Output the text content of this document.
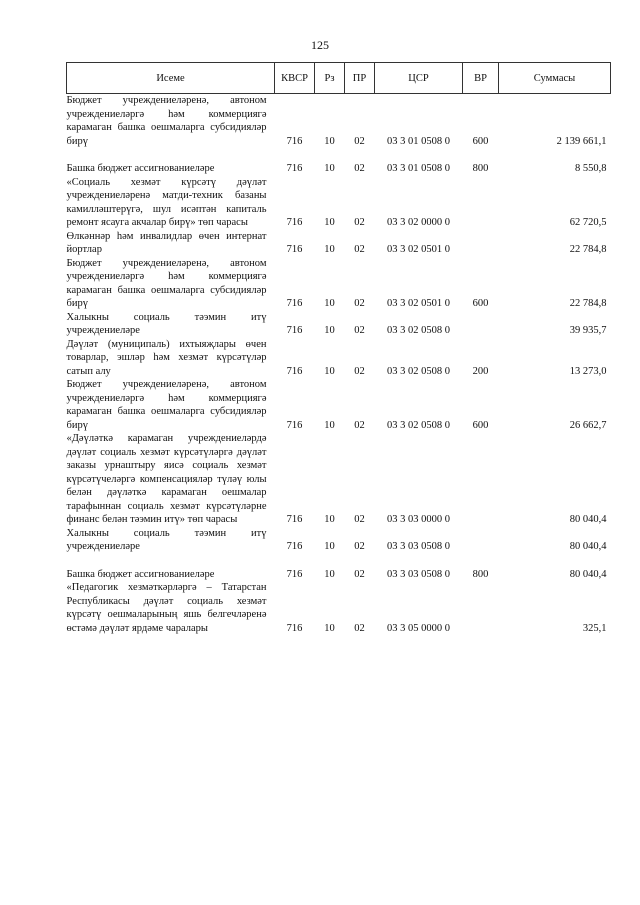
125
Исеме	КВСР	Рз	ПР	ЦСР	ВР	Суммасы
Бюджет учреждениеләренә, автоном учреждениеләргә һәм коммерциягә карамаган башка оешмаларга субсидияләр бирү	716	10	02	03 3 01 0508 0	600	2 139 661,1

Башка бюджет ассигнованиеләре	716	10	02	03 3 01 0508 0	800	8 550,8
«Социаль хезмәт күрсәтү дәүләт учреждениеләренә матди-техник базаны камилләштерүгә, шул исәптән капиталь ремонт ясауга акчалар бирү» төп чарасы	716	10	02	03 3 02 0000 0		62 720,5
Өлкәннәр һәм инвалидлар өчен интернат йортлар	716	10	02	03 3 02 0501 0		22 784,8
Бюджет учреждениеләренә, автоном учреждениеләргә һәм коммерциягә карамаган башка оешмаларга субсидияләр бирү	716	10	02	03 3 02 0501 0	600	22 784,8
Халыкны социаль тәэмин итү учреждениеләре	716	10	02	03 3 02 0508 0		39 935,7
Дәүләт (муниципаль) ихтыяҗлары өчен товарлар, эшләр һәм хезмәт күрсәтүләр сатып алу	716	10	02	03 3 02 0508 0	200	13 273,0
Бюджет учреждениеләренә, автоном учреждениеләргә һәм коммерциягә карамаган башка оешмаларга субсидияләр бирү	716	10	02	03 3 02 0508 0	600	26 662,7
«Дәүләткә карамаган учреждениеләрдә дәүләт социаль хезмәт күрсәтүләргә дәүләт заказы урнаштыру яисә социаль хезмәт күрсәтүчеләргә компенсацияләр түләү юлы белән дәүләткә карамаган оешмалар тарафыннан социаль хезмәт күрсәтүләрне финанс белән тәэмин итү» төп чарасы	716	10	02	03 3 03 0000 0		80 040,4
Халыкны социаль тәэмин итү учреждениеләре	716	10	02	03 3 03 0508 0		80 040,4

Башка бюджет ассигнованиеләре	716	10	02	03 3 03 0508 0	800	80 040,4
«Педагогик хезмәткәрләргә – Татарстан Республикасы дәүләт социаль хезмәт күрсәтү оешмаларының яшь белгечләренә өстәмә дәүләт ярдәме чаралары	716	10	02	03 3 05 0000 0		325,1
